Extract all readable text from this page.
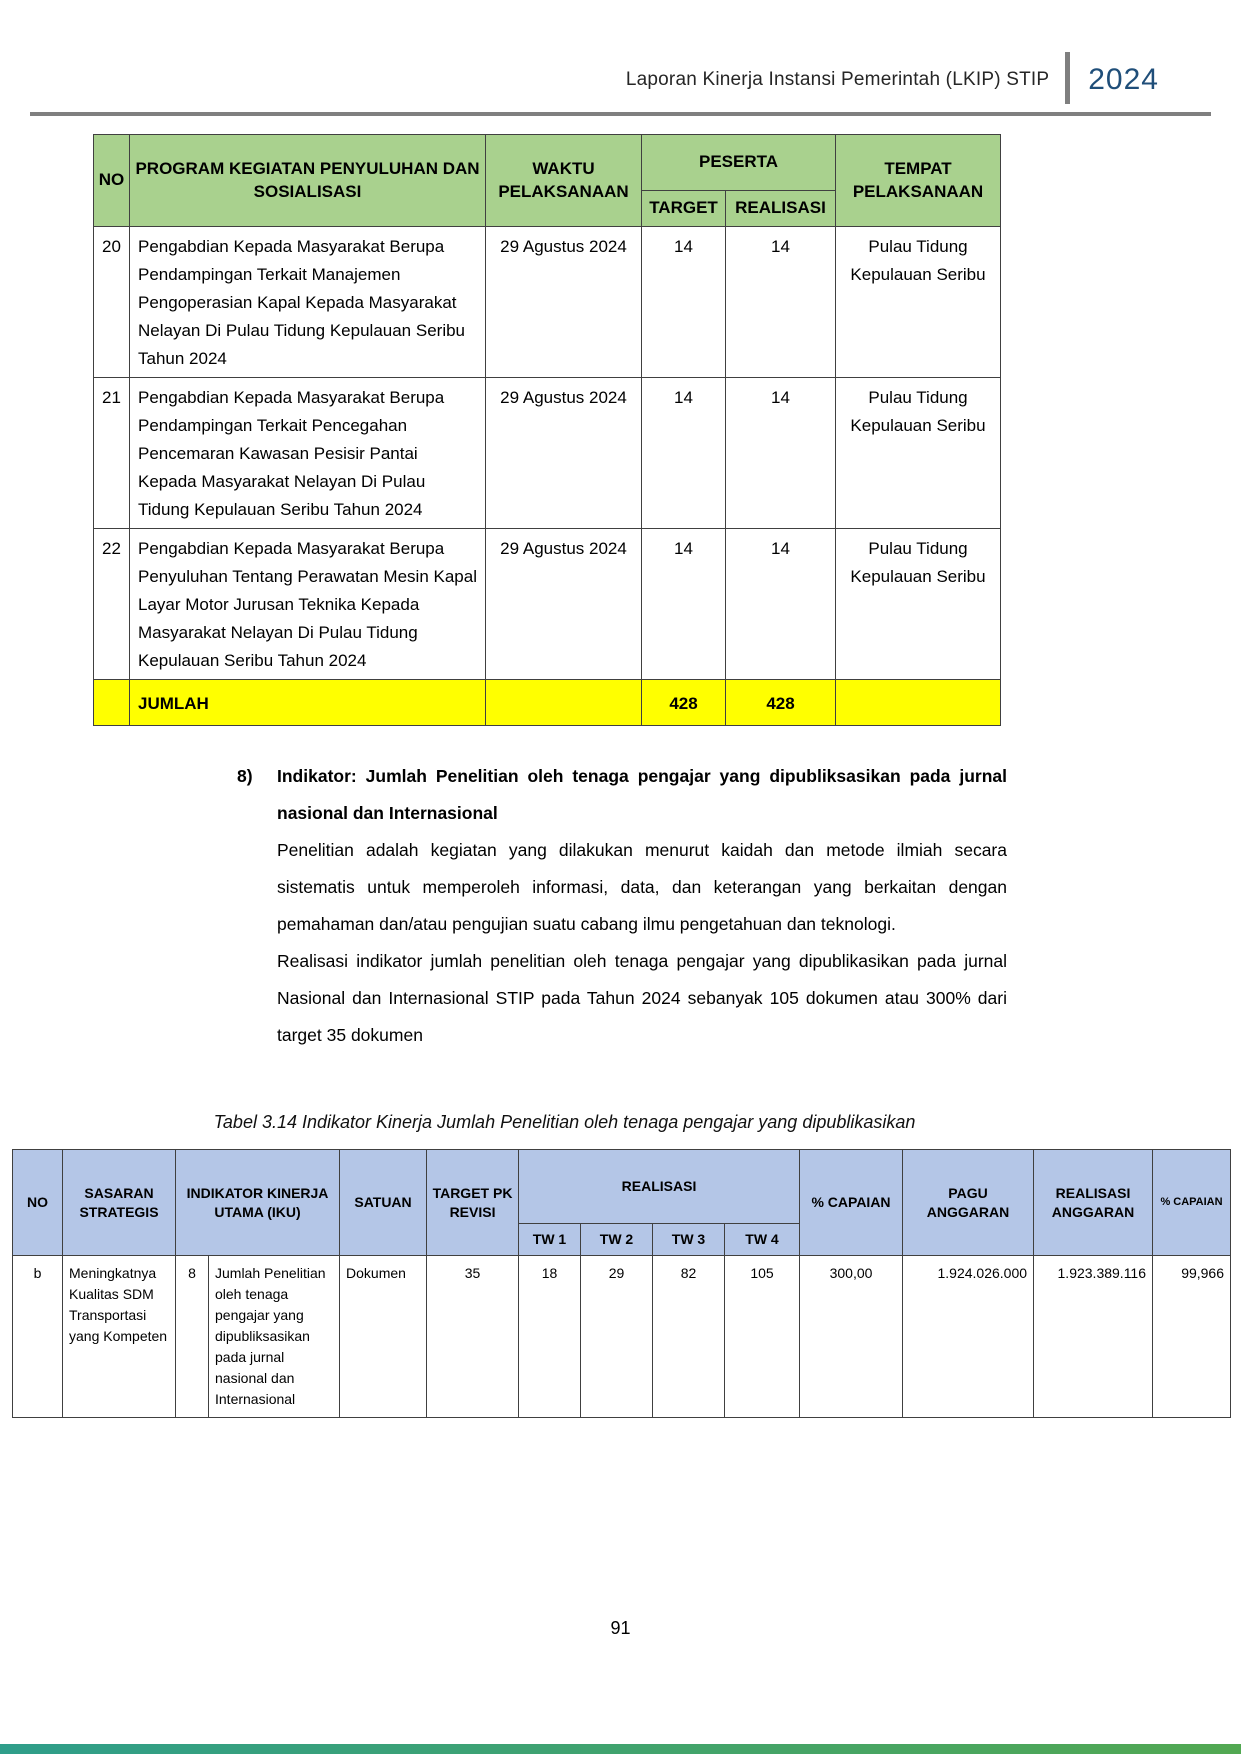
Laporan Kinerja Instansi Pemerintah (LKIP) STIP 2024
NO	PROGRAM KEGIATAN PENYULUHAN DAN SOSIALISASI	WAKTU PELAKSANAAN	PESERTA		TEMPAT PELAKSANAAN
			TARGET	REALISASI	
20	Pengabdian Kepada Masyarakat Berupa Pendampingan Terkait Manajemen Pengoperasian Kapal Kepada Masyarakat Nelayan Di Pulau Tidung Kepulauan Seribu Tahun 2024	29 Agustus 2024	14	14	Pulau Tidung Kepulauan Seribu
21	Pengabdian Kepada Masyarakat Berupa Pendampingan Terkait Pencegahan Pencemaran Kawasan Pesisir Pantai Kepada Masyarakat Nelayan Di Pulau Tidung Kepulauan Seribu Tahun 2024	29 Agustus 2024	14	14	Pulau Tidung Kepulauan Seribu
22	Pengabdian Kepada Masyarakat Berupa Penyuluhan Tentang Perawatan Mesin Kapal Layar Motor Jurusan Teknika Kepada Masyarakat Nelayan Di Pulau Tidung Kepulauan Seribu Tahun 2024	29 Agustus 2024	14	14	Pulau Tidung Kepulauan Seribu
	JUMLAH		428	428	
8)	Indikator: Jumlah Penelitian oleh tenaga pengajar yang dipubliksasikan pada jurnal nasional dan Internasional

Penelitian adalah kegiatan yang dilakukan menurut kaidah dan metode ilmiah secara sistematis untuk memperoleh informasi, data, dan keterangan yang berkaitan dengan pemahaman dan/atau pengujian suatu cabang ilmu pengetahuan dan teknologi.

Realisasi indikator jumlah penelitian oleh tenaga pengajar yang dipublikasikan pada jurnal Nasional dan Internasional STIP pada Tahun 2024 sebanyak 105 dokumen atau 300% dari target 35 dokumen

Tabel 3.14 Indikator Kinerja Jumlah Penelitian oleh tenaga pengajar yang dipublikasikan
NO	SASARAN STRATEGIS	INDIKATOR KINERJA UTAMA (IKU)		SATUAN	TARGET PK REVISI	REALISASI				% CAPAIAN	PAGU ANGGARAN	REALISASI ANGGARAN	% CAPAIAN
						TW 1	TW 2	TW 3	TW 4				
b	Meningkatnya Kualitas SDM Transportasi yang Kompeten	8	Jumlah Penelitian oleh tenaga pengajar yang dipubliksasikan pada jurnal nasional dan Internasional	Dokumen	35	18	29	82	105	300,00	1.924.026.000	1.923.389.116	99,966
91
